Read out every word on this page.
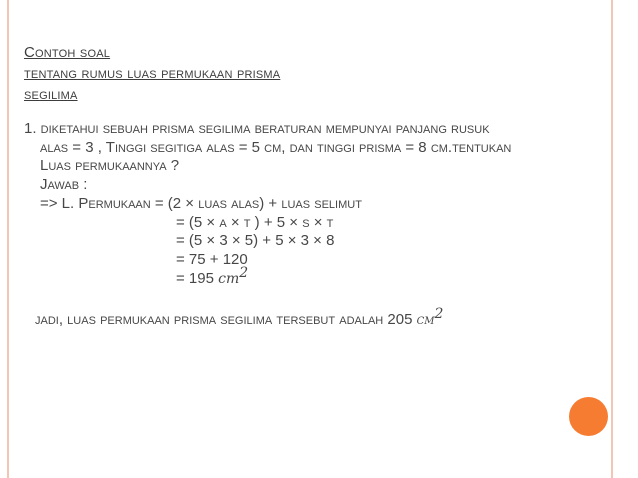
Contoh soal
tentang rumus luas permukaan prisma
segilima
1. diketahui sebuah prisma segilima beraturan mempunyai panjang rusuk
alas = 3 , Tinggi segitiga alas = 5 cm, dan tinggi prisma = 8 cm.tentukan
Luas permukaannya ?
Jawab :
=> L. Permukaan = (2 × luas alas) + luas selimut
= (5 × a × t ) + 5 × s × t
= (5 × 3 × 5) + 5 × 3 × 8
= 75 + 120
= 195 $cm^2$
jadi, luas permukaan prisma segilima tersebut adalah 205 $cm^2$
